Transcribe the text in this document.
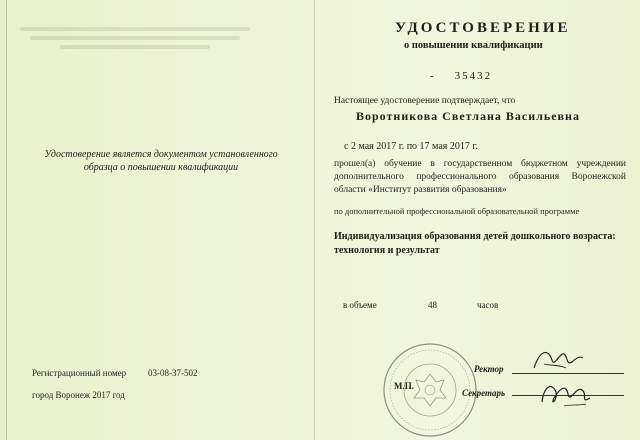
УДОСТОВЕРЕНИЕ
о повышении квалификации
- 35432
Настоящее удостоверение подтверждает, что
Воротникова Светлана Васильевна
с 2 мая 2017 г. по 17 мая 2017 г.
прошел(а) обучение в государственном бюджетном учреждении дополнительного профессионального образования Воронежской области «Институт развития образования»
по дополнительной профессиональной образовательной программе
Индивидуализация образования детей дошкольного возраста: технология и результат
в объеме	48	часов
Удостоверение является документом установленного образца о повышении квалификации
Регистрационный номер 03-08-37-502
город Воронеж 2017 год
М.П.
Ректор
Секретарь
